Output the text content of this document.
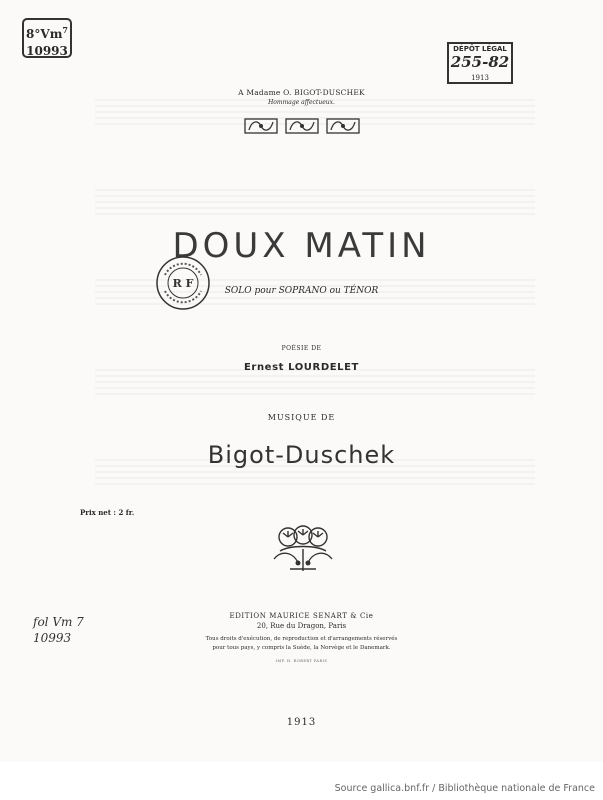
8°Vm$^7$
10993	DÉPÔT LÉGAL
255-82
1913
A Madame O. BIGOT-DUSCHEK
Hommage affectueux.
DOUX MATIN
R F
SOLO pour SOPRANO ou TÉNOR
POÉSIE DE
Ernest LOURDELET
MUSIQUE DE
Bigot-Duschek
Prix net : 2 fr.
fol Vm 7
10993
EDITION MAURICE SENART & Cie
20, Rue du Dragon, Paris
Tous droits d'exécution, de reproduction et d'arrangements réservés
pour tous pays, y compris la Suède, la Norvège et le Danemark.
IMP. H. ROBERT PARIS
1913
Source gallica.bnf.fr / Bibliothèque nationale de France
